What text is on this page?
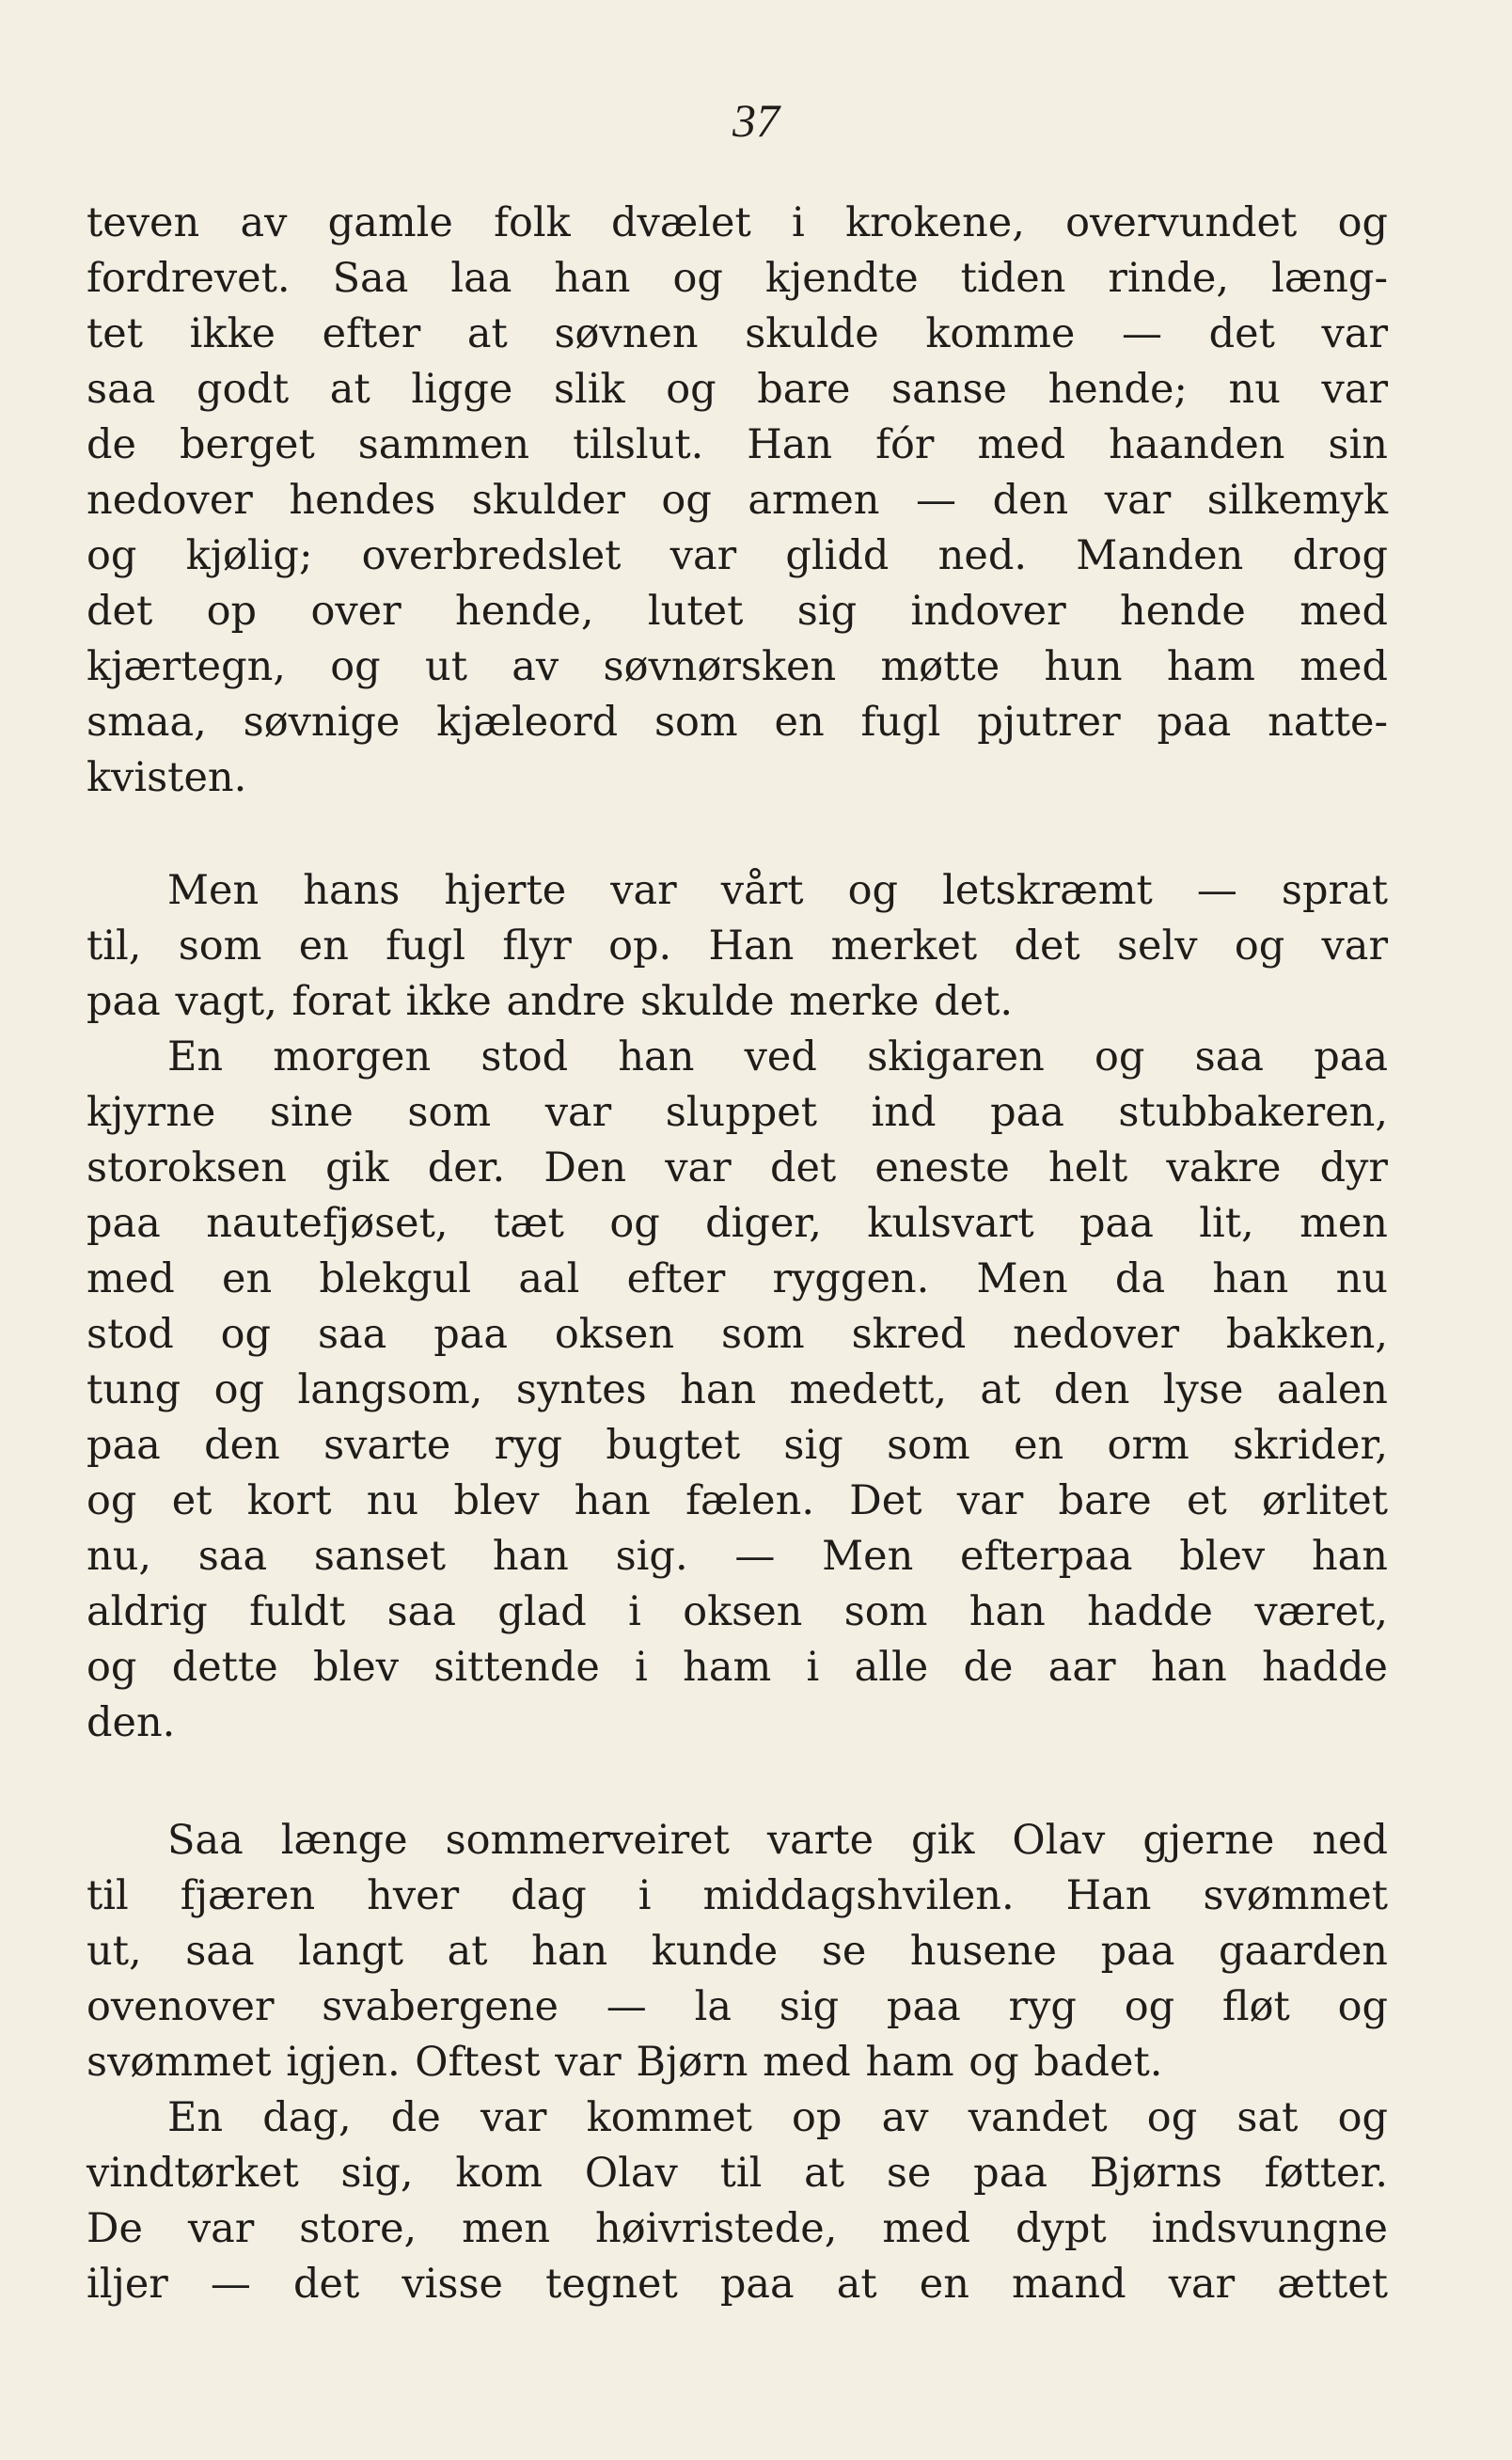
37
teven av gamle folk dvælet i krokene, overvundet og
fordrevet. Saa laa han og kjendte tiden rinde, læng-
tet ikke efter at søvnen skulde komme — det var
saa godt at ligge slik og bare sanse hende; nu var
de berget sammen tilslut. Han fór med haanden sin
nedover hendes skulder og armen — den var silkemyk
og kjølig; overbredslet var glidd ned. Manden drog
det op over hende, lutet sig indover hende med
kjærtegn, og ut av søvnørsken møtte hun ham med
smaa, søvnige kjæleord som en fugl pjutrer paa natte-
kvisten.
Men hans hjerte var vårt og letskræmt — sprat
til, som en fugl flyr op. Han merket det selv og var
paa vagt, forat ikke andre skulde merke det.
En morgen stod han ved skigaren og saa paa
kjyrne sine som var sluppet ind paa stubbakeren,
storoksen gik der. Den var det eneste helt vakre dyr
paa nautefjøset, tæt og diger, kulsvart paa lit, men
med en blekgul aal efter ryggen. Men da han nu
stod og saa paa oksen som skred nedover bakken,
tung og langsom, syntes han medett, at den lyse aalen
paa den svarte ryg bugtet sig som en orm skrider,
og et kort nu blev han fælen. Det var bare et ørlitet
nu, saa sanset han sig. — Men efterpaa blev han
aldrig fuldt saa glad i oksen som han hadde været,
og dette blev sittende i ham i alle de aar han hadde
den.
Saa længe sommerveiret varte gik Olav gjerne ned
til fjæren hver dag i middagshvilen. Han svømmet
ut, saa langt at han kunde se husene paa gaarden
ovenover svabergene — la sig paa ryg og fløt og
svømmet igjen. Oftest var Bjørn med ham og badet.
En dag, de var kommet op av vandet og sat og
vindtørket sig, kom Olav til at se paa Bjørns føtter.
De var store, men høivristede, med dypt indsvungne
iljer — det visse tegnet paa at en mand var ættet
